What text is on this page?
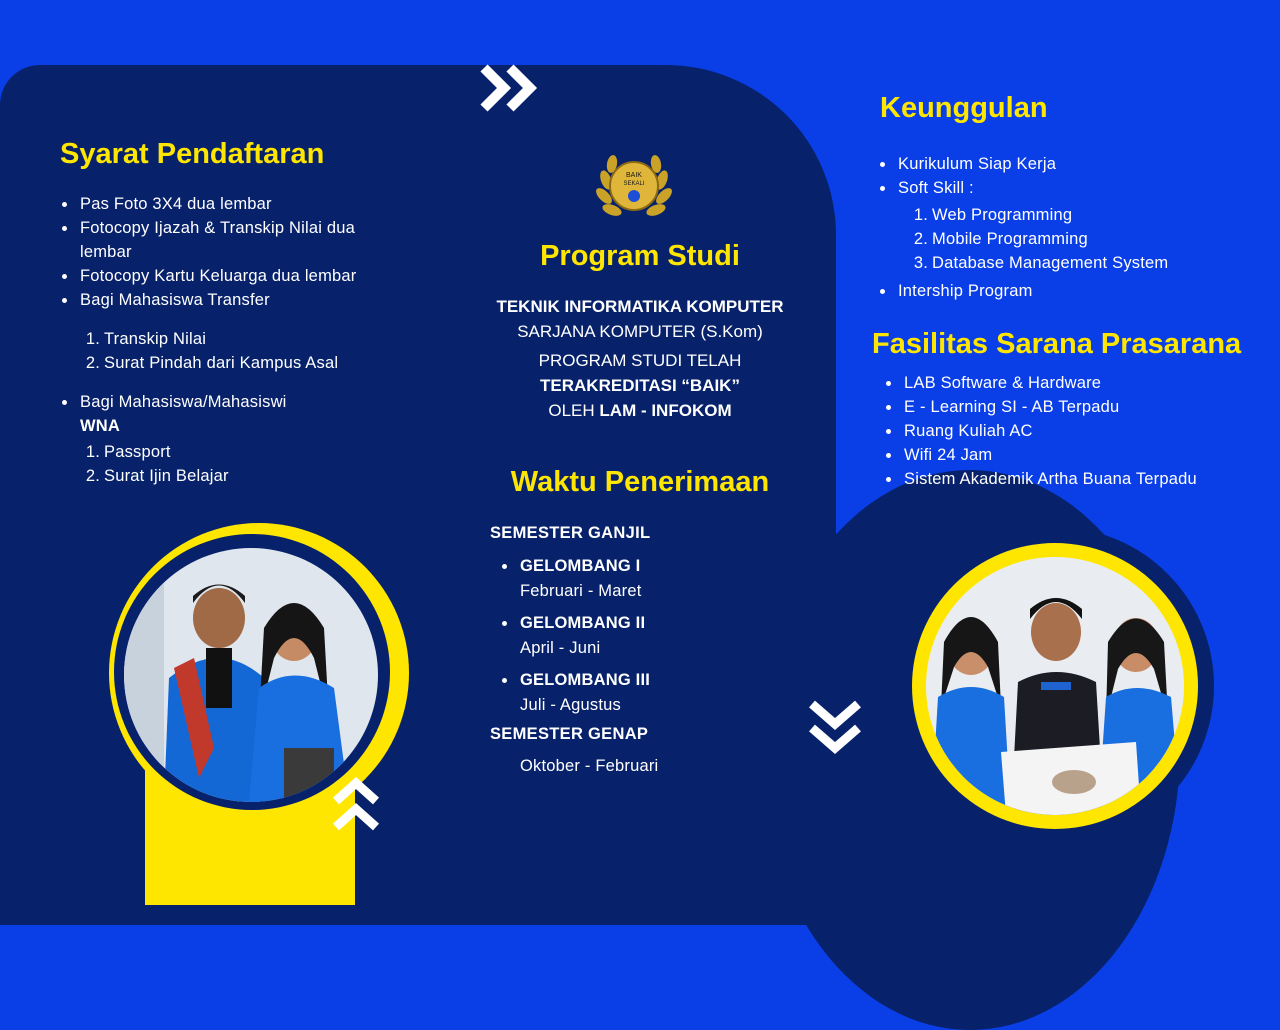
Syarat Pendaftaran
Pas Foto 3X4 dua lembar
Fotocopy Ijazah & Transkip Nilai dua lembar
Fotocopy Kartu Keluarga dua lembar
Bagi Mahasiswa Transfer
1. Transkip Nilai
2. Surat Pindah dari Kampus Asal
Bagi Mahasiswa/Mahasiswi
WNA
1. Passport
2. Surat Ijin Belajar
BAIK
SEKALI
Program Studi
TEKNIK INFORMATIKA KOMPUTER
SARJANA KOMPUTER (S.Kom)
PROGRAM STUDI TELAH
TERAKREDITASI “BAIK”
OLEH LAM - INFOKOM
Waktu Penerimaan
SEMESTER GANJIL
GELOMBANG I
Februari - Maret
GELOMBANG II
April - Juni
GELOMBANG III
Juli - Agustus
SEMESTER GENAP
Oktober - Februari
Keunggulan
Kurikulum Siap Kerja
Soft Skill :
1. Web Programming
2. Mobile Programming
3. Database Management System
Intership Program
Fasilitas Sarana Prasarana
LAB Software & Hardware
E - Learning SI - AB Terpadu
Ruang Kuliah AC
Wifi 24 Jam
Sistem Akademik Artha Buana Terpadu
